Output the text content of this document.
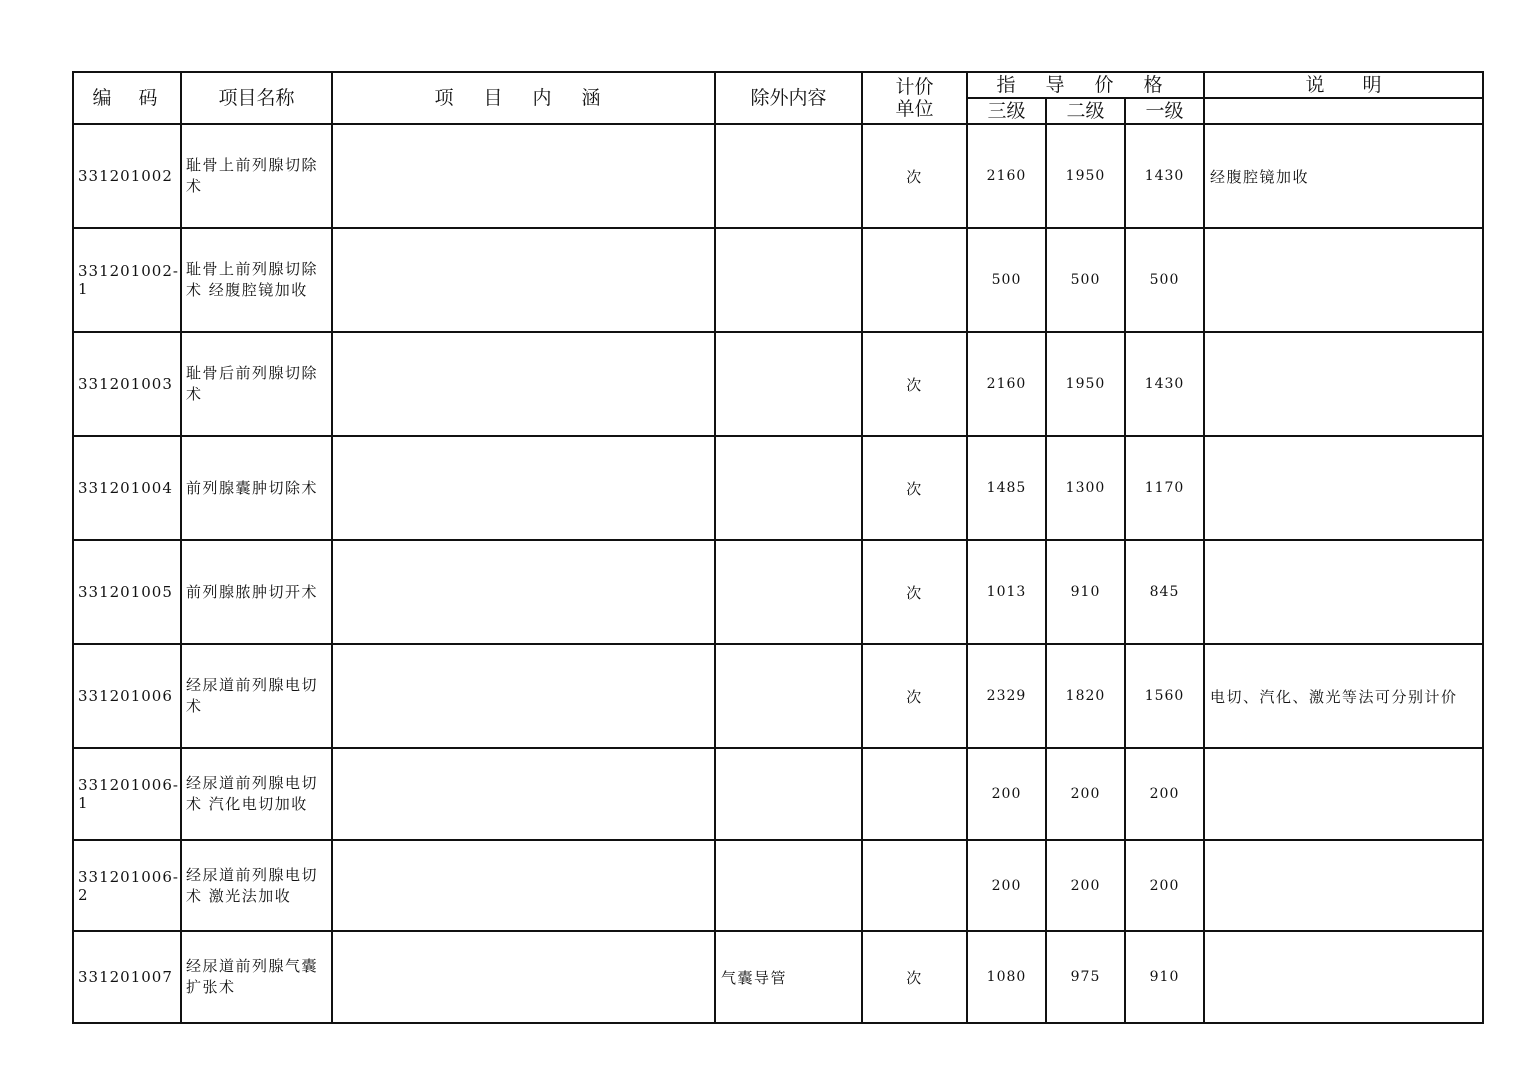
编　码	项目名称	项 目 内 涵	除外内容	计价
单位	指 导 价 格			说　　明
					三级	二级	一级	
331201002	耻骨上前列腺切除术			次	2160	1950	1430	经腹腔镜加收
331201002-1	耻骨上前列腺切除术 经腹腔镜加收				500	500	500	
331201003	耻骨后前列腺切除术			次	2160	1950	1430	
331201004	前列腺囊肿切除术			次	1485	1300	1170	
331201005	前列腺脓肿切开术			次	1013	910	845	
331201006	经尿道前列腺电切术			次	2329	1820	1560	电切、汽化、激光等法可分别计价
331201006-1	经尿道前列腺电切术 汽化电切加收				200	200	200	
331201006-2	经尿道前列腺电切术 激光法加收				200	200	200	
331201007	经尿道前列腺气囊扩张术		气囊导管	次	1080	975	910	
